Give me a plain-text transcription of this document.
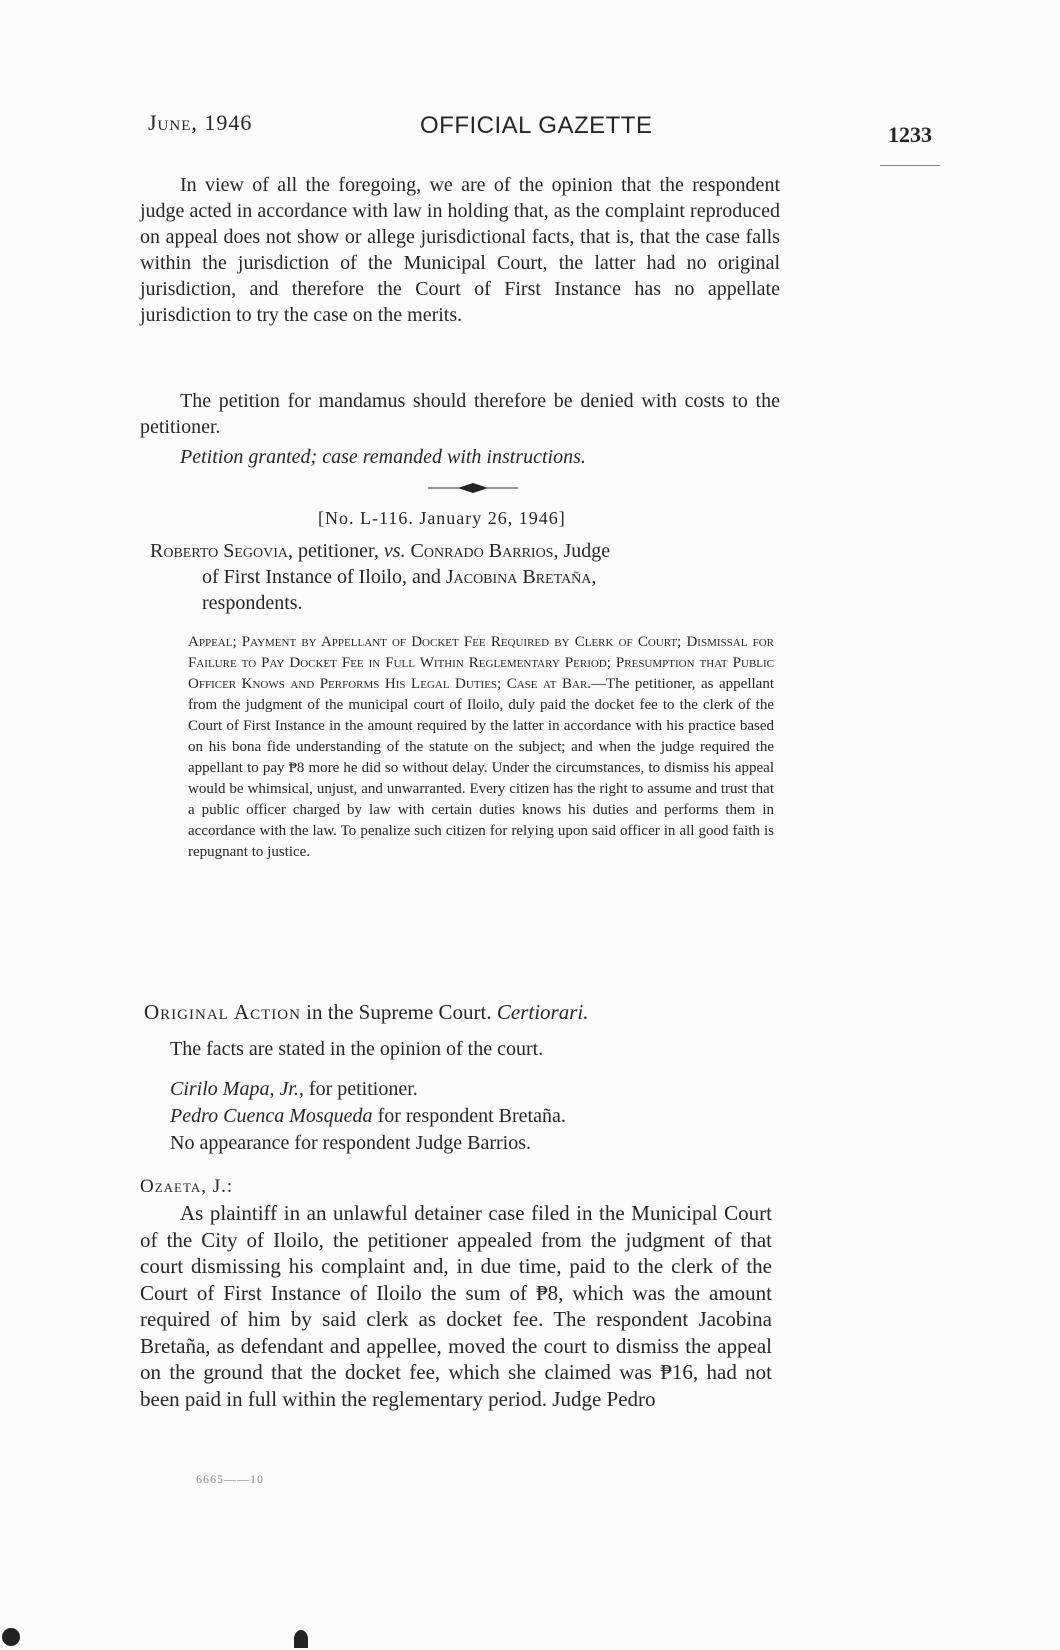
June, 1946	OFFICIAL GAZETTE	1233

In view of all the foregoing, we are of the opinion that the respondent judge acted in accordance with law in holding that, as the complaint reproduced on appeal does not show or allege jurisdictional facts, that is, that the case falls within the jurisdiction of the Municipal Court, the latter had no original jurisdiction, and therefore the Court of First Instance has no appellate jurisdiction to try the case on the merits.

The petition for mandamus should therefore be denied with costs to the petitioner.

Petition granted; case remanded with instructions.

[No. L-116. January 26, 1946]
Roberto Segovia, petitioner, vs. Conrado Barrios, Judge
of First Instance of Iloilo, and Jacobina Bretaña,
respondents.
Appeal; Payment by Appellant of Docket Fee Required by Clerk of Court; Dismissal for Failure to Pay Docket Fee in Full Within Reglementary Period; Presumption that Public Officer Knows and Performs His Legal Duties; Case at Bar.—The petitioner, as appellant from the judgment of the municipal court of Iloilo, duly paid the docket fee to the clerk of the Court of First Instance in the amount required by the latter in accordance with his practice based on his bona fide understanding of the statute on the subject; and when the judge required the appellant to pay ₱8 more he did so without delay. Under the circumstances, to dismiss his appeal would be whimsical, unjust, and unwarranted. Every citizen has the right to assume and trust that a public officer charged by law with certain duties knows his duties and performs them in accordance with the law. To penalize such citizen for relying upon said officer in all good faith is repugnant to justice.
Original Action in the Supreme Court. Certiorari.
The facts are stated in the opinion of the court.
Cirilo Mapa, Jr., for petitioner.
Pedro Cuenca Mosqueda for respondent Bretaña.
No appearance for respondent Judge Barrios.
Ozaeta, J.:

As plaintiff in an unlawful detainer case filed in the Municipal Court of the City of Iloilo, the petitioner appealed from the judgment of that court dismissing his complaint and, in due time, paid to the clerk of the Court of First Instance of Iloilo the sum of ₱8, which was the amount required of him by said clerk as docket fee. The respondent Jacobina Bretaña, as defendant and appellee, moved the court to dismiss the appeal on the ground that the docket fee, which she claimed was ₱16, had not been paid in full within the reglementary period. Judge Pedro

6665——10
